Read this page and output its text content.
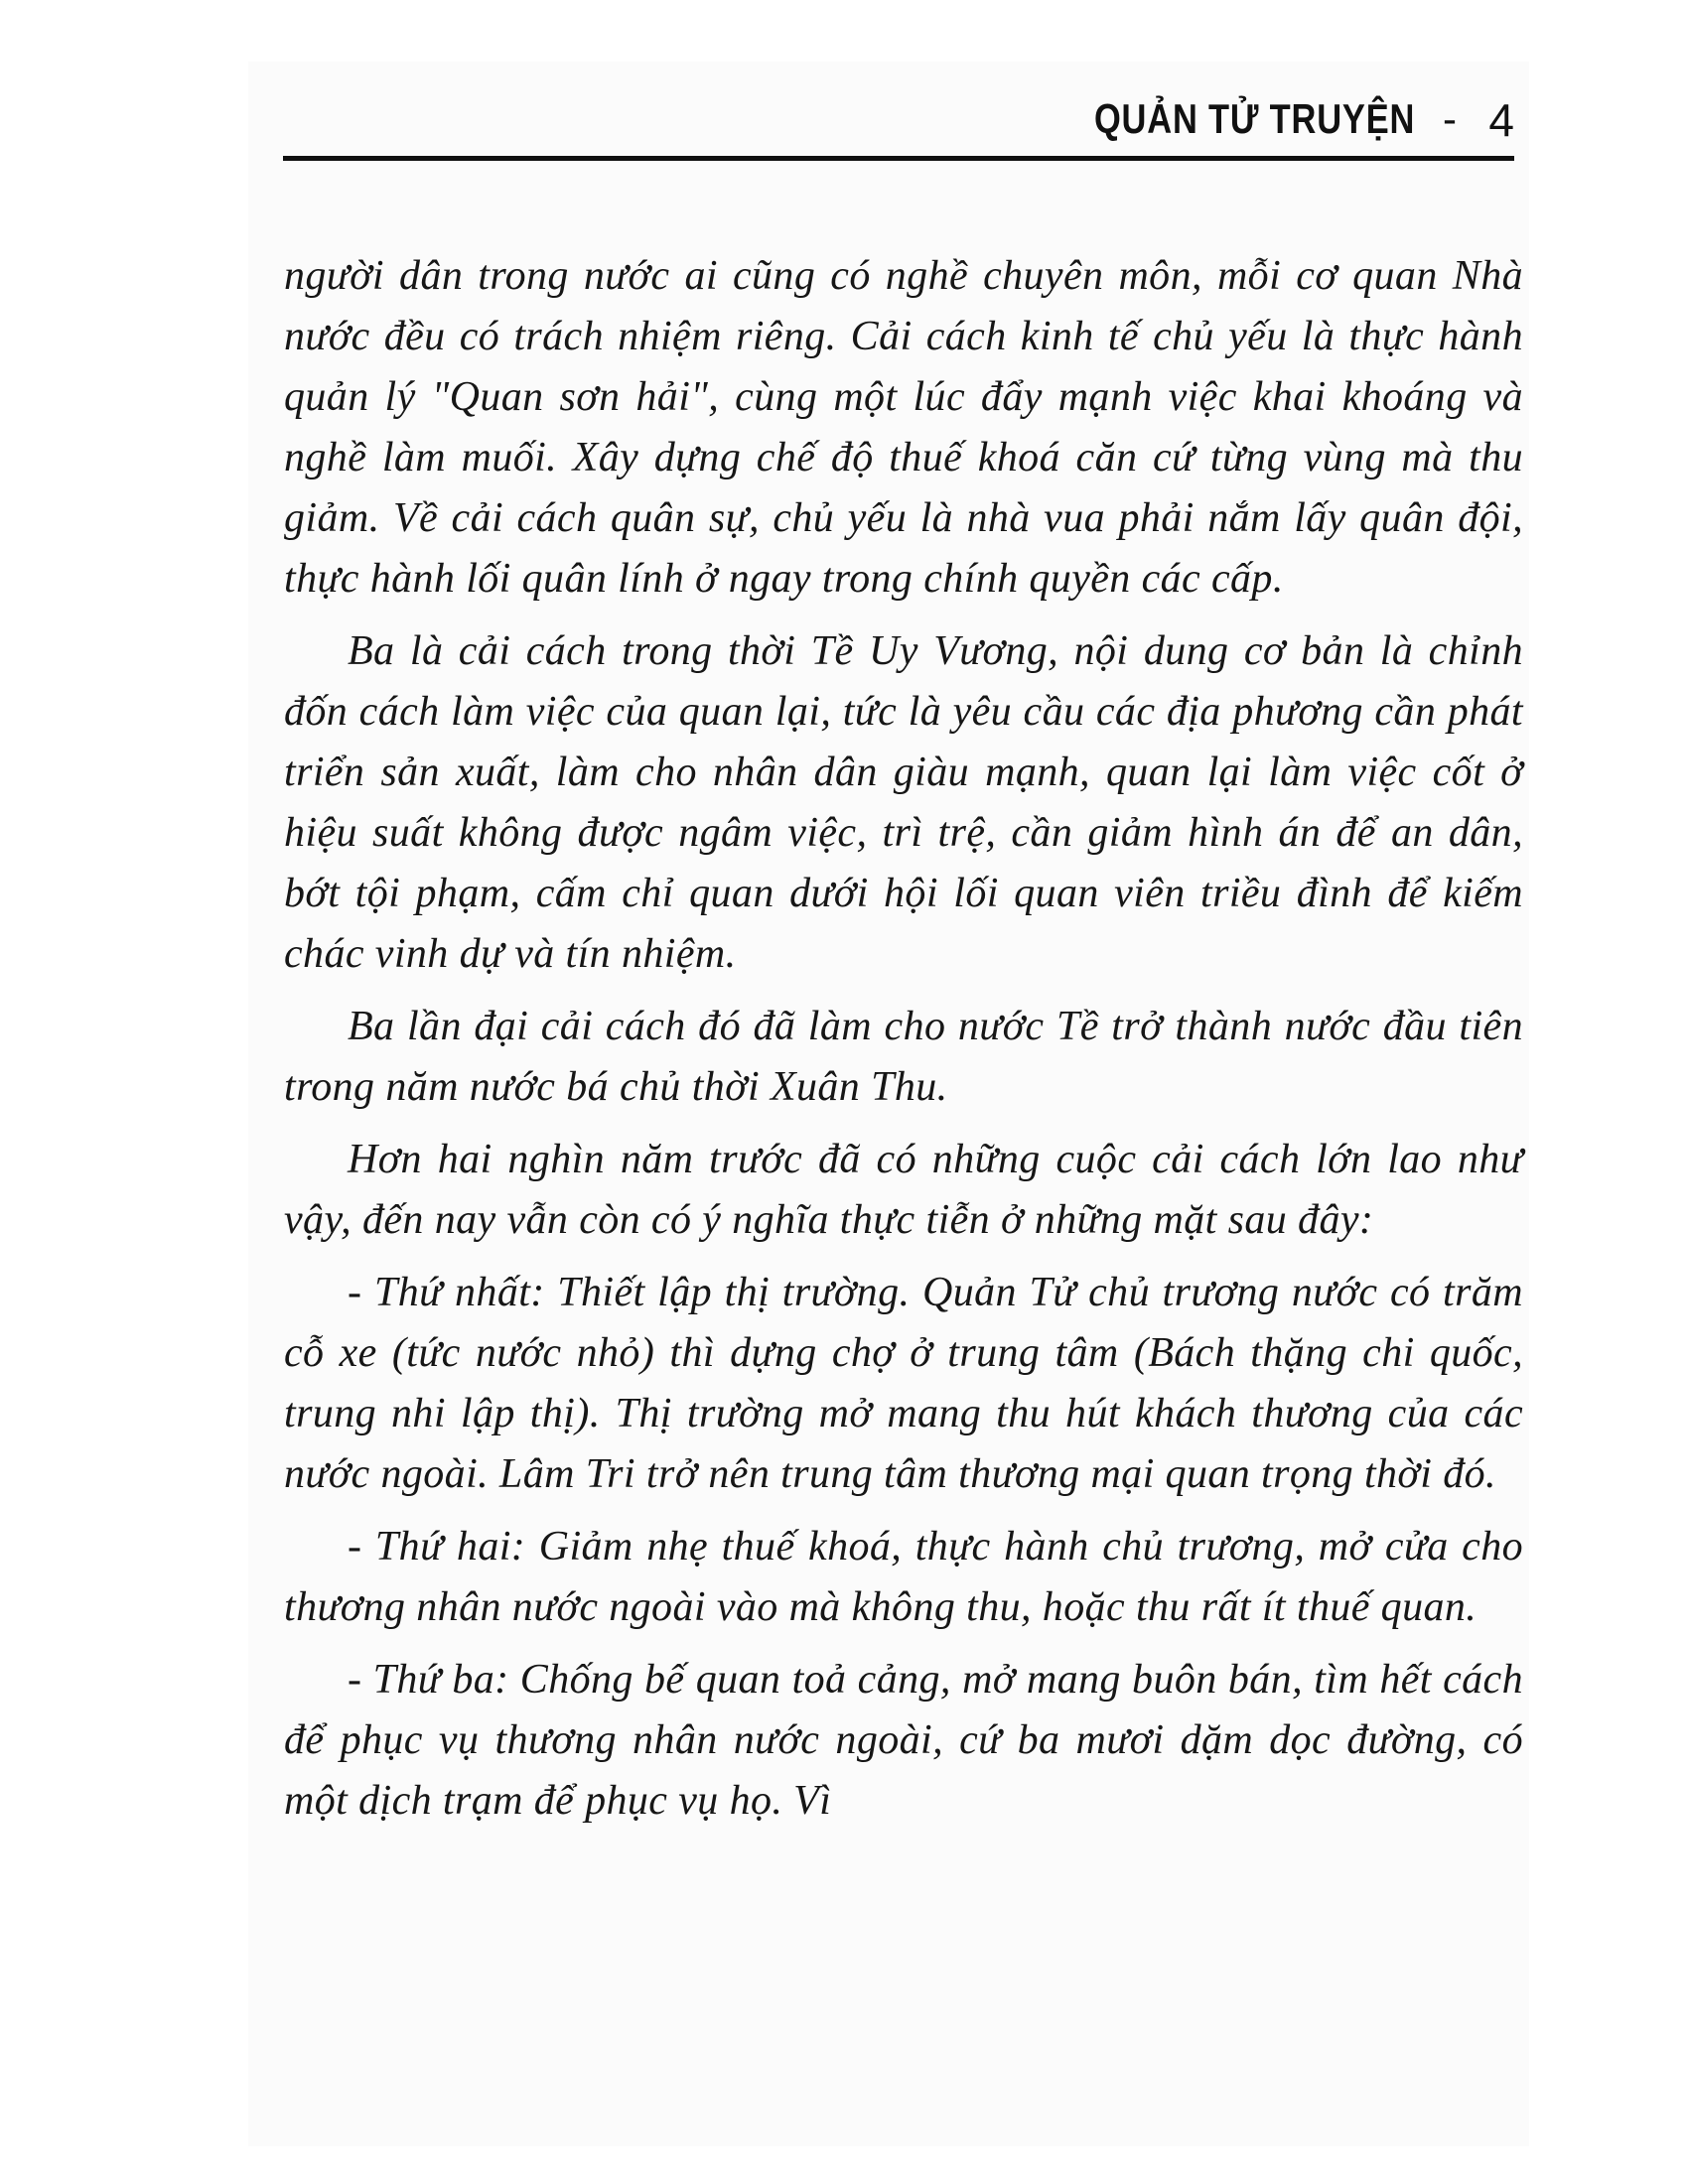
QUẢN TỬ TRUYỆN - 4

người dân trong nước ai cũng có nghề chuyên môn, mỗi cơ quan Nhà nước đều có trách nhiệm riêng. Cải cách kinh tế chủ yếu là thực hành quản lý "Quan sơn hải", cùng một lúc đẩy mạnh việc khai khoáng và nghề làm muối. Xây dựng chế độ thuế khoá căn cứ từng vùng mà thu giảm. Về cải cách quân sự, chủ yếu là nhà vua phải nắm lấy quân đội, thực hành lối quân lính ở ngay trong chính quyền các cấp.

Ba là cải cách trong thời Tề Uy Vương, nội dung cơ bản là chỉnh đốn cách làm việc của quan lại, tức là yêu cầu các địa phương cần phát triển sản xuất, làm cho nhân dân giàu mạnh, quan lại làm việc cốt ở hiệu suất không được ngâm việc, trì trệ, cần giảm hình án để an dân, bớt tội phạm, cấm chỉ quan dưới hội lối quan viên triều đình để kiếm chác vinh dự và tín nhiệm.

Ba lần đại cải cách đó đã làm cho nước Tề trở thành nước đầu tiên trong năm nước bá chủ thời Xuân Thu.

Hơn hai nghìn năm trước đã có những cuộc cải cách lớn lao như vậy, đến nay vẫn còn có ý nghĩa thực tiễn ở những mặt sau đây:

- Thứ nhất: Thiết lập thị trường. Quản Tử chủ trương nước có trăm cỗ xe (tức nước nhỏ) thì dựng chợ ở trung tâm (Bách thặng chi quốc, trung nhi lập thị). Thị trường mở mang thu hút khách thương của các nước ngoài. Lâm Tri trở nên trung tâm thương mại quan trọng thời đó.

- Thứ hai: Giảm nhẹ thuế khoá, thực hành chủ trương, mở cửa cho thương nhân nước ngoài vào mà không thu, hoặc thu rất ít thuế quan.

- Thứ ba: Chống bế quan toả cảng, mở mang buôn bán, tìm hết cách để phục vụ thương nhân nước ngoài, cứ ba mươi dặm dọc đường, có một dịch trạm để phục vụ họ. Vì
